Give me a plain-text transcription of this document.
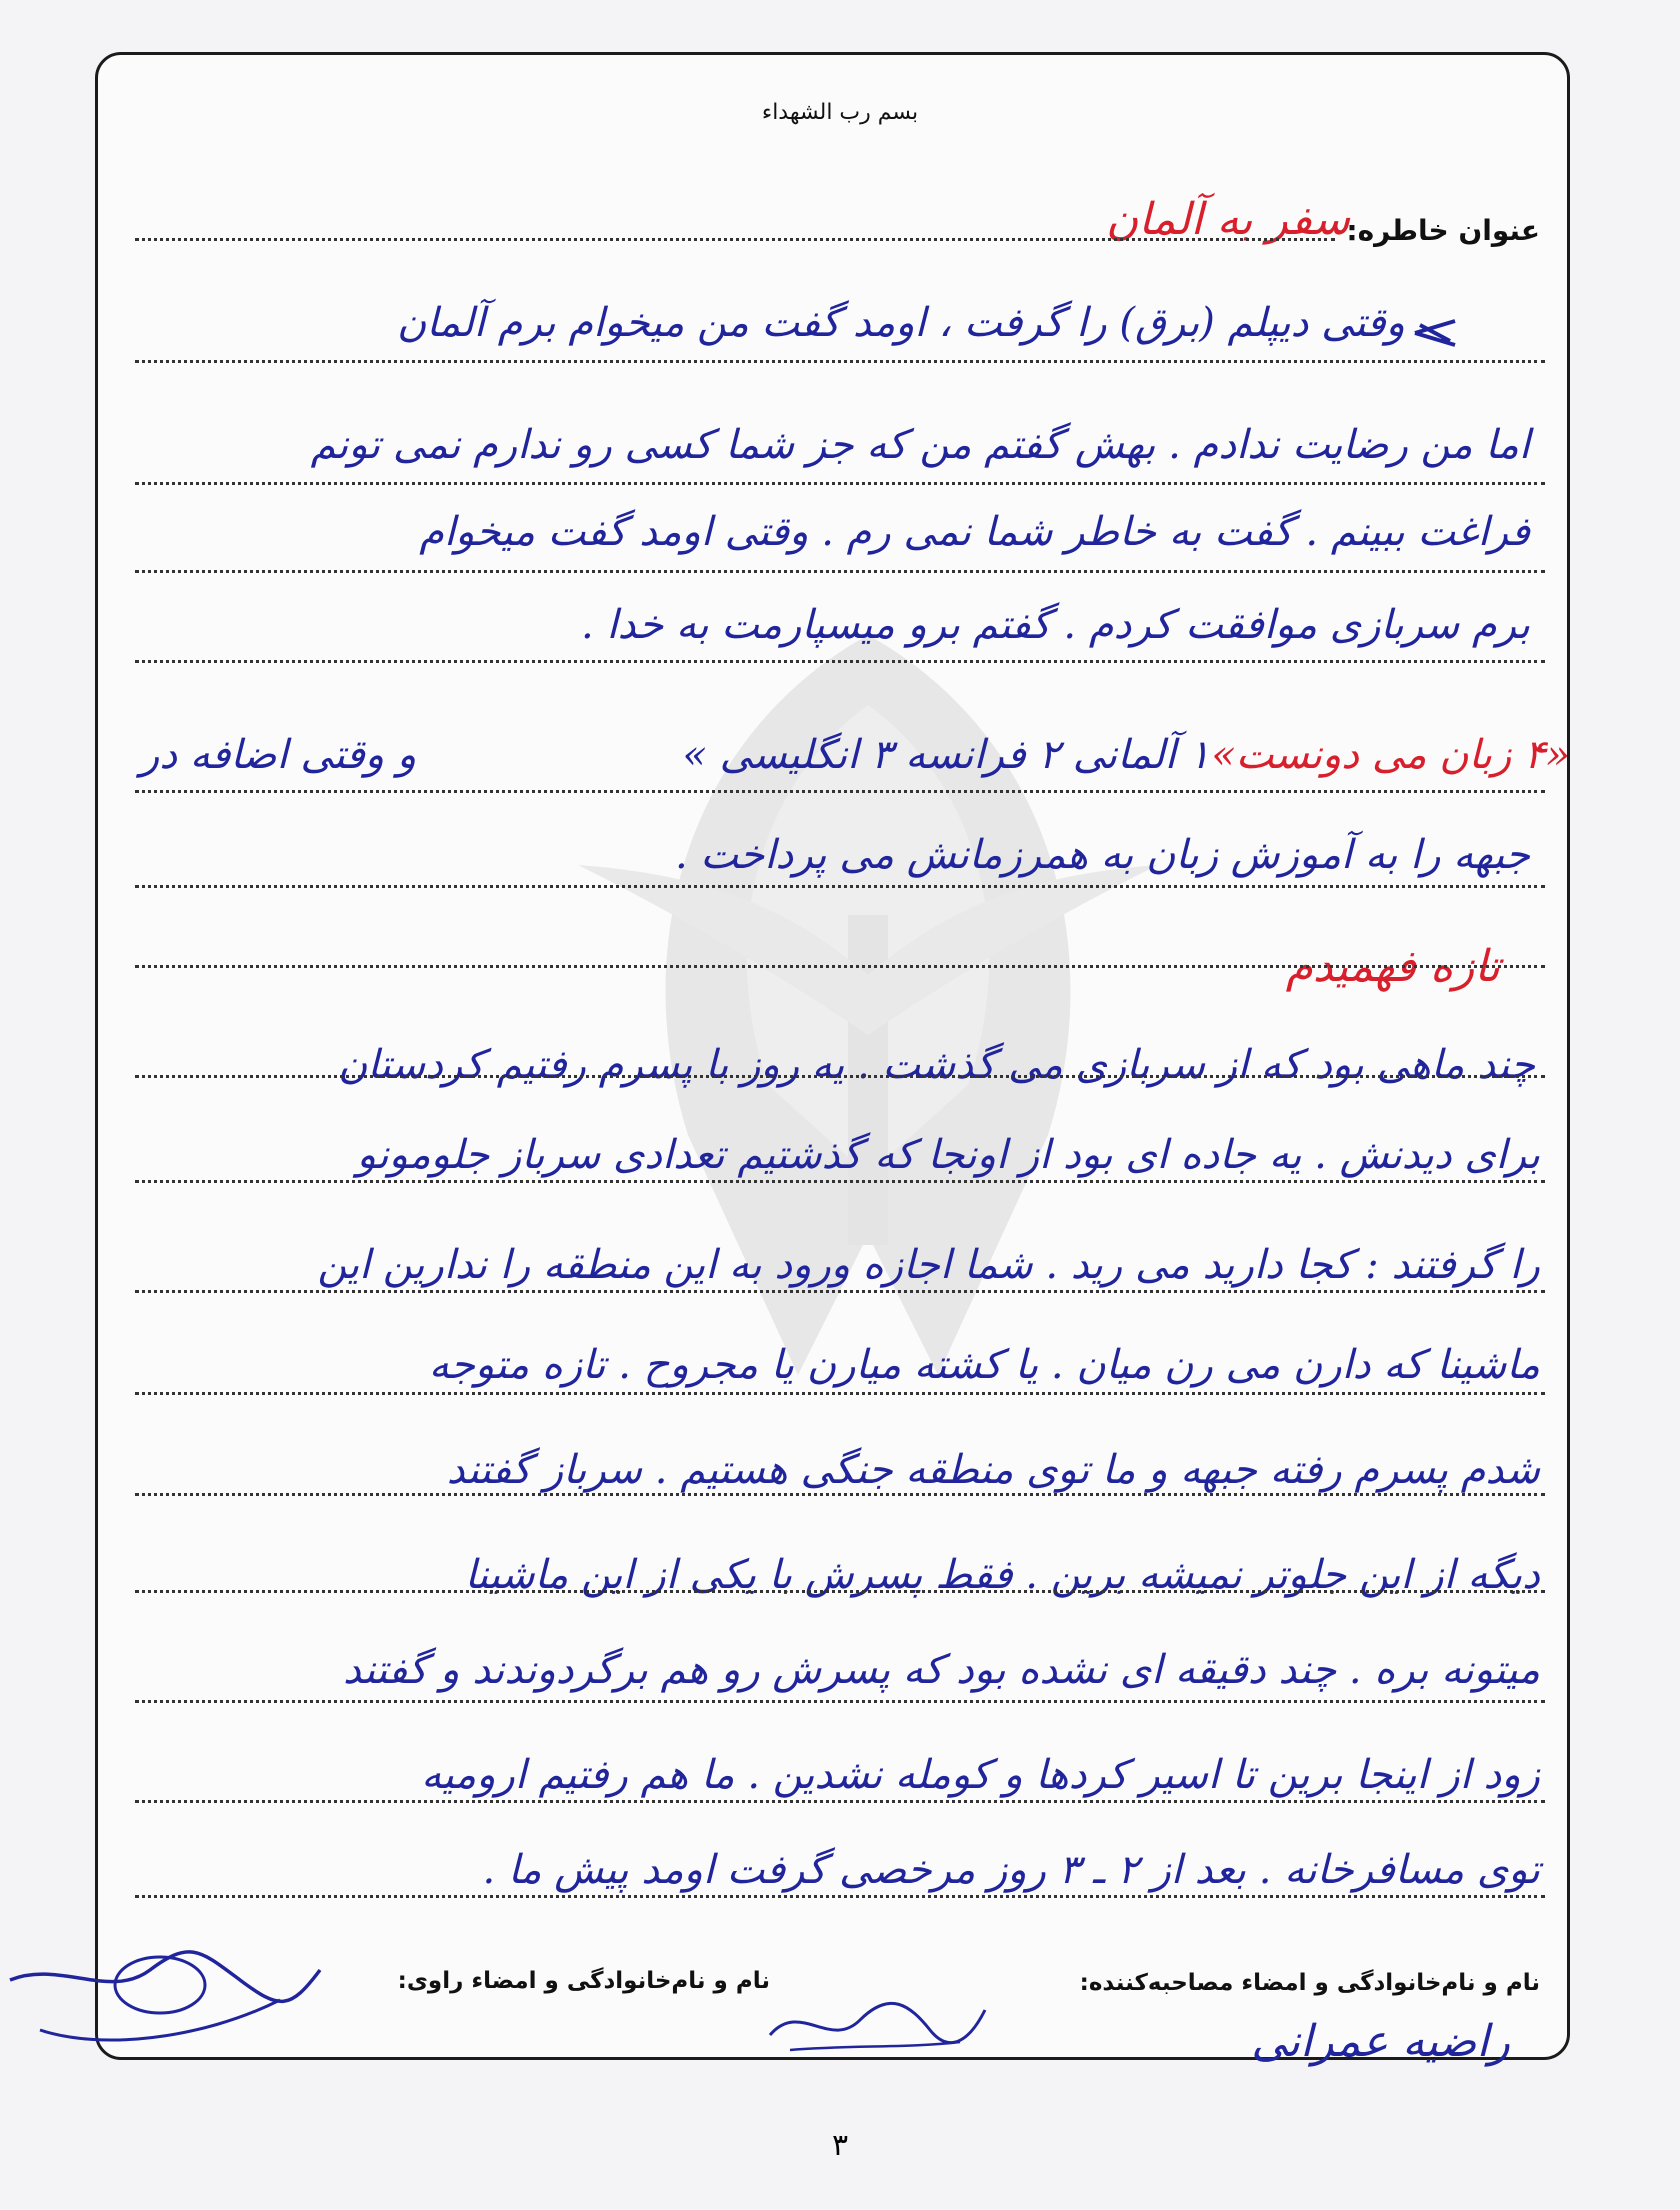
بسم رب الشهداء
عنوان خاطره:
سفر به آلمان
وقتی دیپلم (برق) را گرفت ، اومد گفت من میخوام برم آلمان
اما من رضایت ندادم . بهش گفتم من که جز شما کسی رو ندارم نمی تونم
فراغت ببینم . گفت به خاطر شما نمی رم . وقتی اومد گفت میخوام
برم سربازی موافقت کردم . گفتم برو میسپارمت به خدا .
«۴ زبان می دونست»
۱ آلمانی ۲ فرانسه ۳ انگلیسی »
و وقتی اضافه در
جبهه را به آموزش زبان به همرزمانش می پرداخت .
تازه فهمیدم
چند ماهی بود که از سربازی می گذشت . یه روز با پسرم رفتیم کردستان
برای دیدنش . یه جاده ای بود از اونجا که گذشتیم تعدادی سرباز جلومونو
را گرفتند : کجا دارید می رید . شما اجازه ورود به این منطقه را ندارین این
ماشینا که دارن می رن میان . یا کشته میارن یا مجروح . تازه متوجه
شدم پسرم رفته جبهه و ما توی منطقه جنگی هستیم . سرباز گفتند
دیگه از این جلوتر نمیشه برین . فقط پسرش با یکی از این ماشینا
میتونه بره . چند دقیقه ای نشده بود که پسرش رو هم برگردوندند و گفتند
زود از اینجا برین تا اسیر کردها و کومله نشدین . ما هم رفتیم ارومیه
توی مسافرخانه . بعد از ۲ ـ ۳ روز مرخصی گرفت اومد پیش ما .
نام و نام‌خانوادگی و امضاء مصاحبه‌کننده:
نام و نام‌خانوادگی و امضاء راوی:
راضیه عمرانی
۳
